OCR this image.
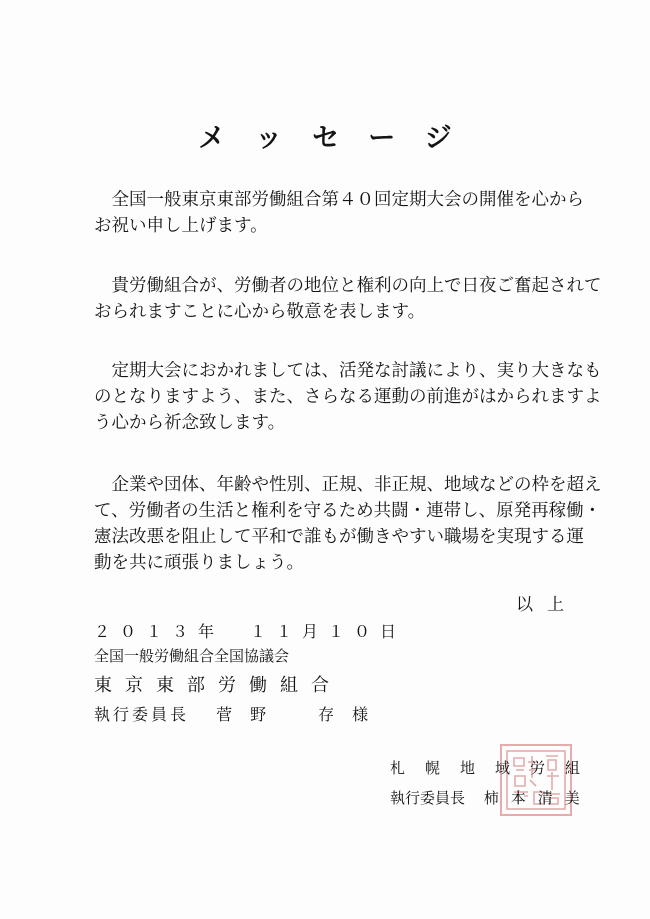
メッセージ

全国一般東京東部労働組合第４０回定期大会の開催を心から
お祝い申し上げます。

貴労働組合が、労働者の地位と権利の向上で日夜ご奮起されて
おられますことに心から敬意を表します。

定期大会におかれましては、活発な討議により、実り大きなも
のとなりますよう、また、さらなる運動の前進がはかられますよ
う心から祈念致します。

企業や団体、年齢や性別、正規、非正規、地域などの枠を超え
て、労働者の生活と権利を守るため共闘・連帯し、原発再稼働・
憲法改悪を阻止して平和で誰もが働きやすい職場を実現する運
動を共に頑張りましょう。

以上
２０１３年　１１月１０日
全国一般労働組合全国協議会
東京東部労働組合
執行委員長 菅野　存様
札幌地域労組
執行委員長 柿本清美
